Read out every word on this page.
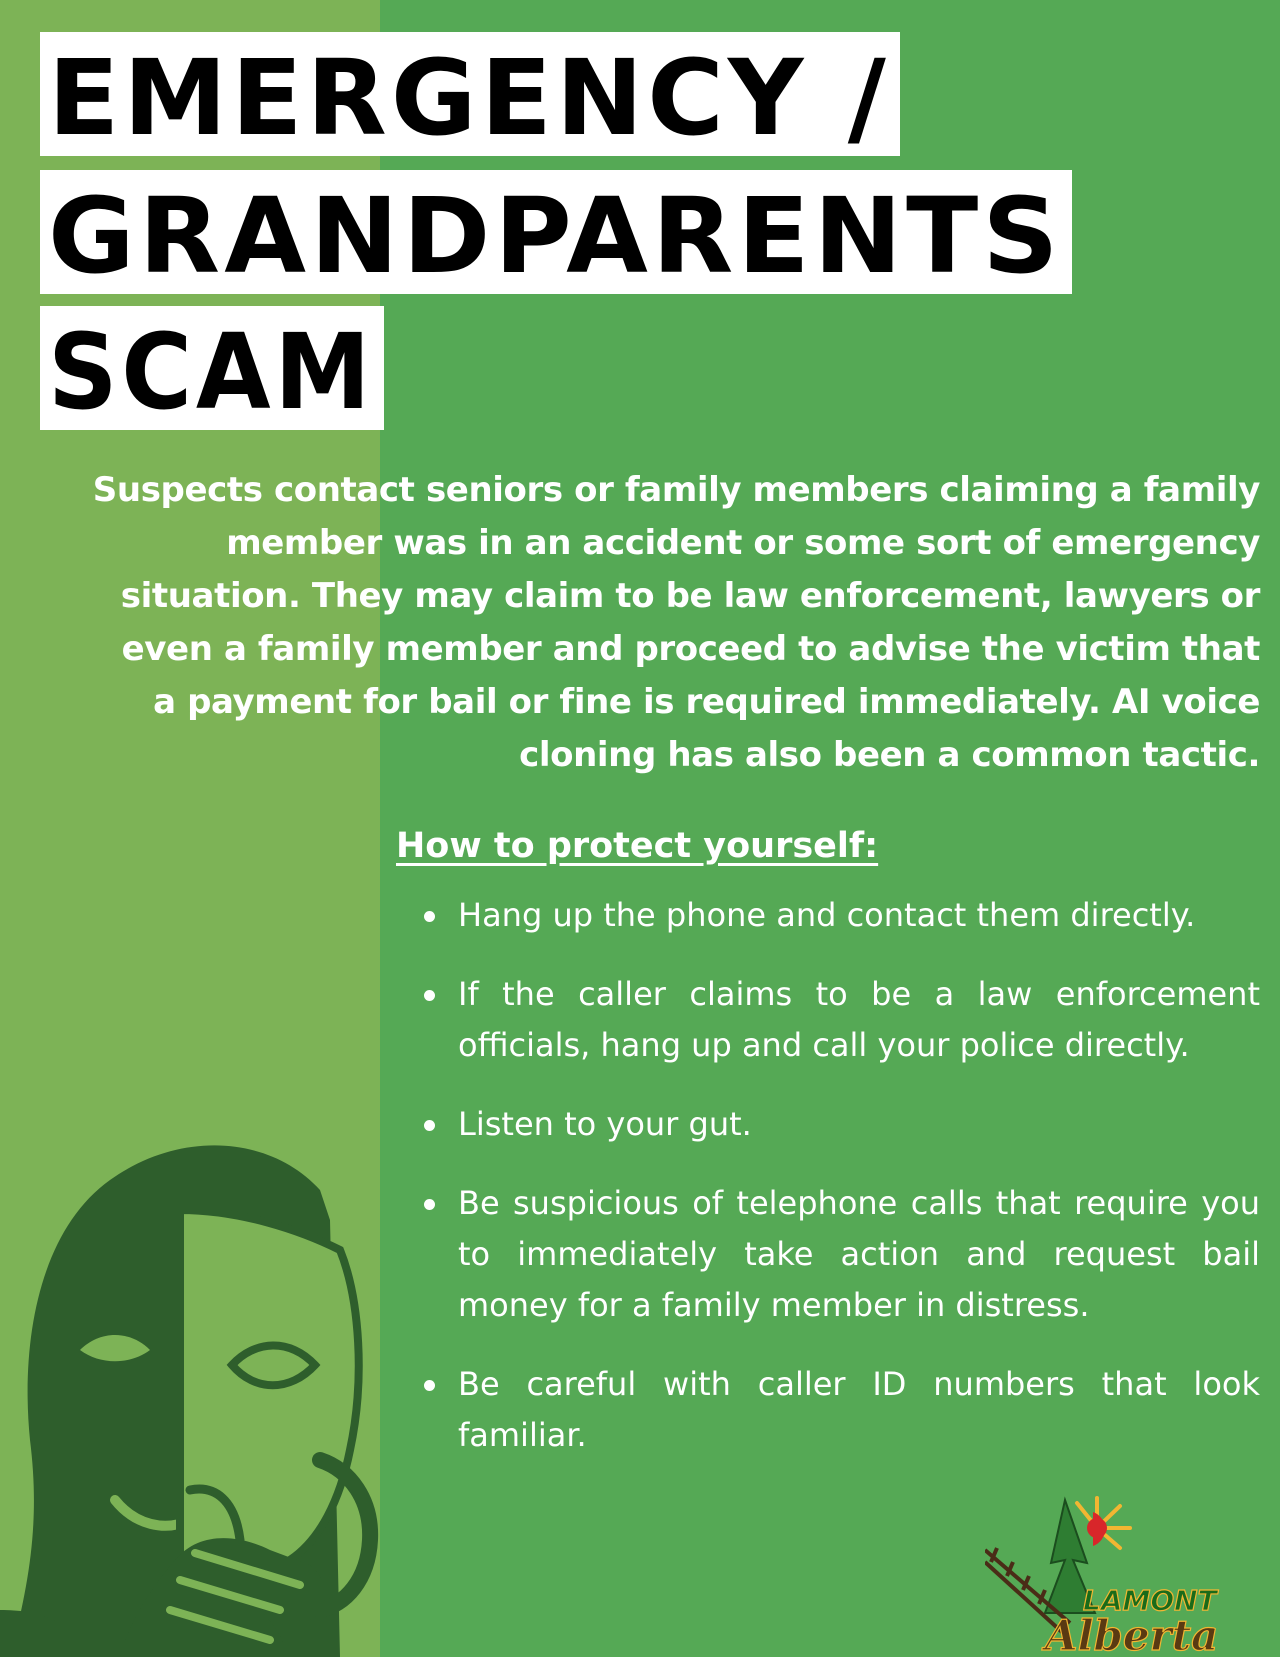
EMERGENCY /
GRANDPARENTS
SCAM

Suspects contact seniors or family members claiming a family member was in an accident or some sort of emergency situation. They may claim to be law enforcement, lawyers or even a family member and proceed to advise the victim that a payment for bail or fine is required immediately. AI voice cloning has also been a common tactic.

How to protect yourself:
Hang up the phone and contact them directly.
If the caller claims to be a law enforcement officials, hang up and call your police directly.
Listen to your gut.
Be suspicious of telephone calls that require you to immediately take action and request bail money for a family member in distress.
Be careful with caller ID numbers that look familiar.
LAMONT
Alberta
